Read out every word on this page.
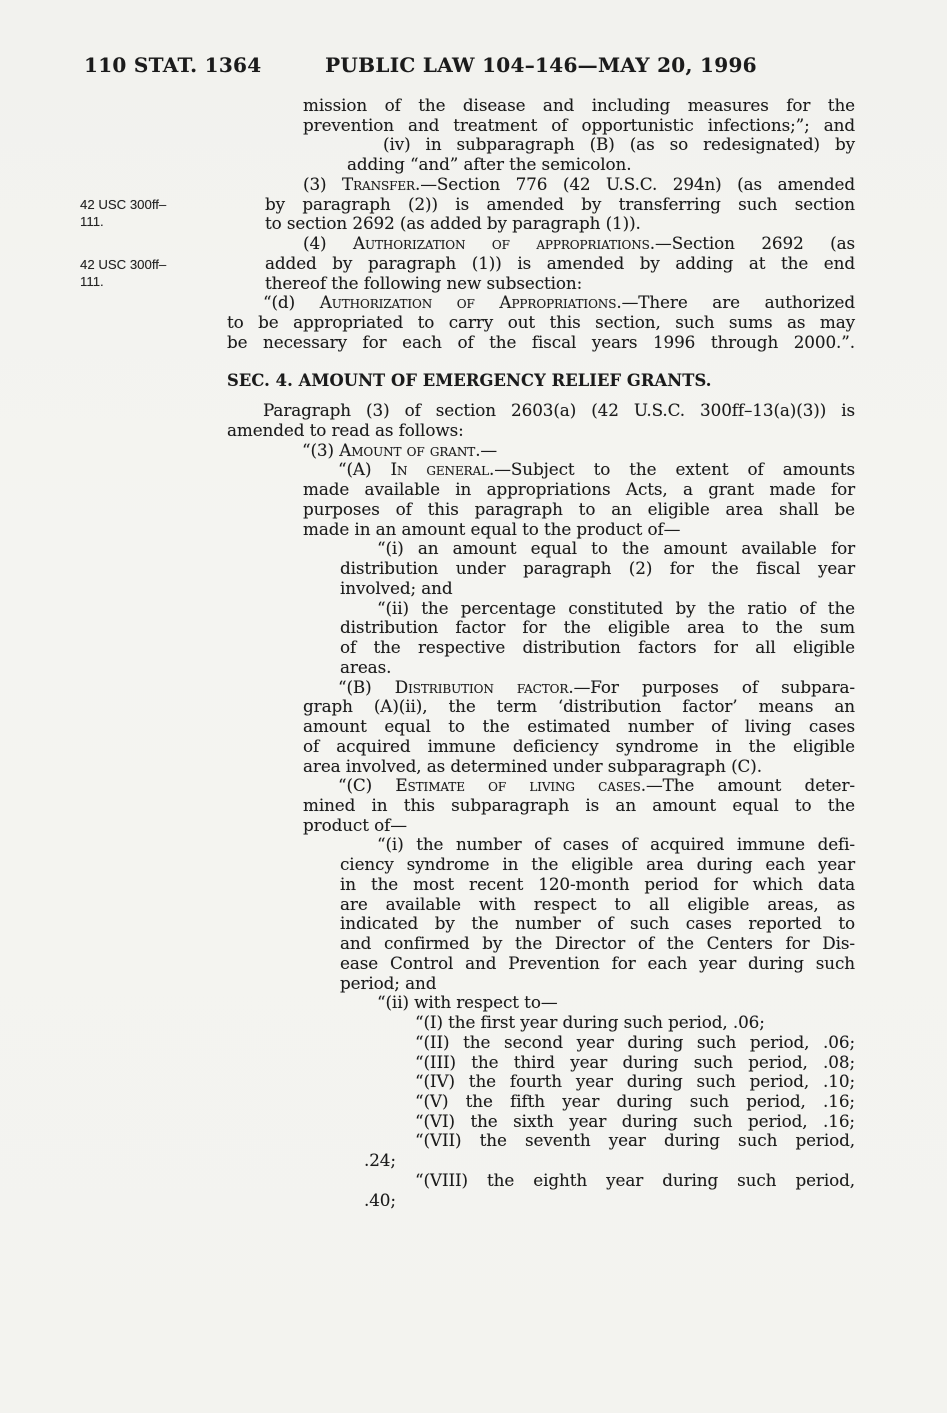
110 STAT. 1364	PUBLIC LAW 104–146—MAY 20, 1996
mission of the disease and including measures for the
prevention and treatment of opportunistic infections;”; and
(iv) in subparagraph (B) (as so redesignated) by
adding “and” after the semicolon.
(3) Transfer.—Section 776 (42 U.S.C. 294n) (as amended
by paragraph (2)) is amended by transferring such section
to section 2692 (as added by paragraph (1)).
(4) Authorization of appropriations.—Section 2692 (as
added by paragraph (1)) is amended by adding at the end
thereof the following new subsection:
“(d) Authorization of Appropriations.—There are authorized
to be appropriated to carry out this section, such sums as may
be necessary for each of the fiscal years 1996 through 2000.”.
SEC. 4. AMOUNT OF EMERGENCY RELIEF GRANTS.
Paragraph (3) of section 2603(a) (42 U.S.C. 300ff–13(a)(3)) is
amended to read as follows:
“(3) Amount of grant.—
“(A) In general.—Subject to the extent of amounts
made available in appropriations Acts, a grant made for
purposes of this paragraph to an eligible area shall be
made in an amount equal to the product of—
“(i) an amount equal to the amount available for
distribution under paragraph (2) for the fiscal year
involved; and
“(ii) the percentage constituted by the ratio of the
distribution factor for the eligible area to the sum
of the respective distribution factors for all eligible
areas.
“(B) Distribution factor.—For purposes of subpara-
graph (A)(ii), the term ‘distribution factor’ means an
amount equal to the estimated number of living cases
of acquired immune deficiency syndrome in the eligible
area involved, as determined under subparagraph (C).
“(C) Estimate of living cases.—The amount deter-
mined in this subparagraph is an amount equal to the
product of—
“(i) the number of cases of acquired immune defi-
ciency syndrome in the eligible area during each year
in the most recent 120-month period for which data
are available with respect to all eligible areas, as
indicated by the number of such cases reported to
and confirmed by the Director of the Centers for Dis-
ease Control and Prevention for each year during such
period; and
“(ii) with respect to—
“(I) the first year during such period, .06;
“(II) the second year during such period, .06;
“(III) the third year during such period, .08;
“(IV) the fourth year during such period, .10;
“(V) the fifth year during such period, .16;
“(VI) the sixth year during such period, .16;
“(VII) the seventh year during such period,
.24;
“(VIII) the eighth year during such period,
.40;
42 USC 300ff–
111.
42 USC 300ff–
111.
